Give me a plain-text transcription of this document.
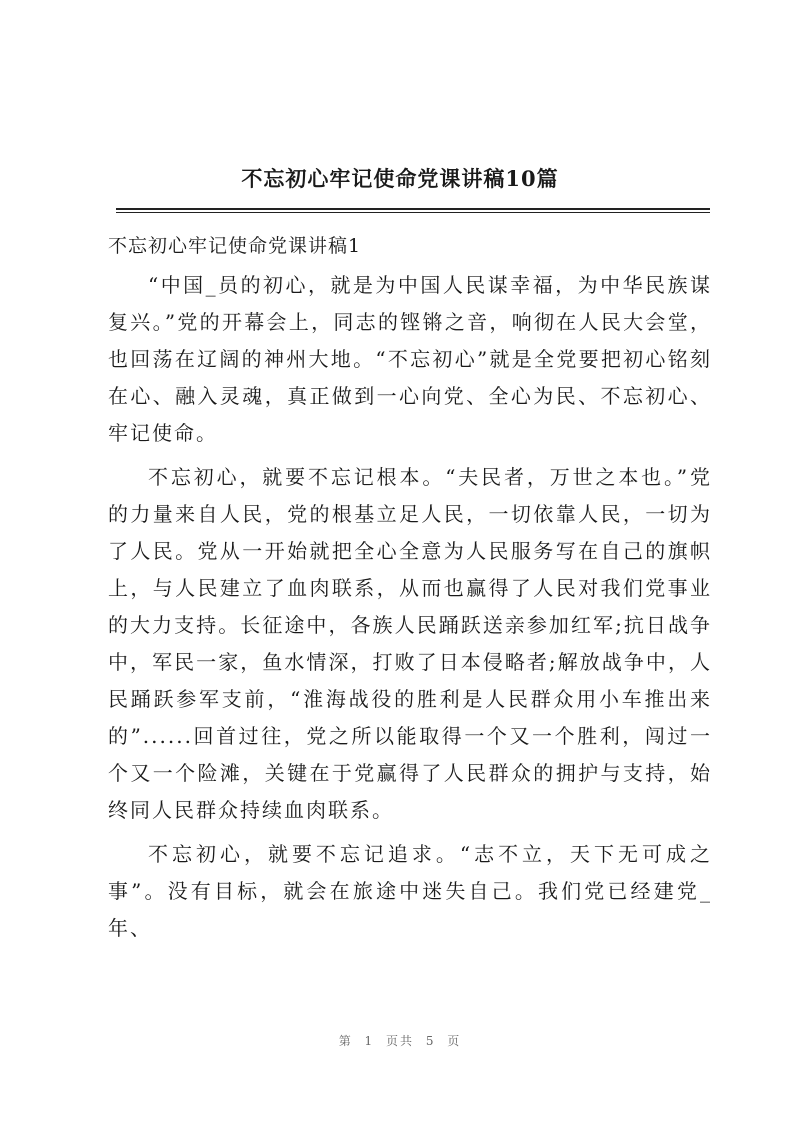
不忘初心牢记使命党课讲稿10篇

不忘初心牢记使命党课讲稿1

“中国_员的初心，就是为中国人民谋幸福，为中华民族谋复兴。”党的开幕会上，同志的铿锵之音，响彻在人民大会堂，也回荡在辽阔的神州大地。“不忘初心”就是全党要把初心铭刻在心、融入灵魂，真正做到一心向党、全心为民、不忘初心、牢记使命。

不忘初心，就要不忘记根本。“夫民者，万世之本也。”党的力量来自人民，党的根基立足人民，一切依靠人民，一切为了人民。党从一开始就把全心全意为人民服务写在自己的旗帜上，与人民建立了血肉联系，从而也赢得了人民对我们党事业的大力支持。长征途中，各族人民踊跃送亲参加红军;抗日战争中，军民一家，鱼水情深，打败了日本侵略者;解放战争中，人民踊跃参军支前，“淮海战役的胜利是人民群众用小车推出来的”......回首过往，党之所以能取得一个又一个胜利，闯过一个又一个险滩，关键在于党赢得了人民群众的拥护与支持，始终同人民群众持续血肉联系。

不忘初心，就要不忘记追求。“志不立，天下无可成之事”。没有目标，就会在旅途中迷失自己。我们党已经建党_年、

第 1 页共 5 页
